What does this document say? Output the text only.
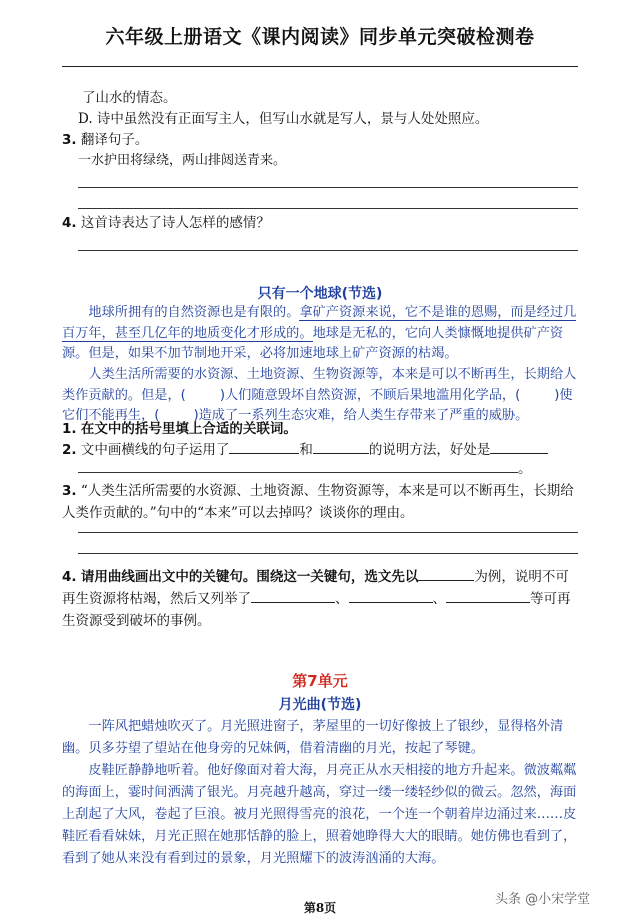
六年级上册语文《课内阅读》同步单元突破检测卷
了山水的情态。
D. 诗中虽然没有正面写主人，但写山水就是写人，景与人处处照应。
3. 翻译句子。
一水护田将绿绕，两山排闼送青来。
4. 这首诗表达了诗人怎样的感情？
只有一个地球(节选)
地球所拥有的自然资源也是有限的。拿矿产资源来说，它不是谁的恩赐，而是经过几百万年，甚至几亿年的地质变化才形成的。地球是无私的，它向人类慷慨地提供矿产资源。但是，如果不加节制地开采，必将加速地球上矿产资源的枯竭。
人类生活所需要的水资源、土地资源、生物资源等，本来是可以不断再生，长期给人类作贡献的。但是，(	)人们随意毁坏自然资源，不顾后果地滥用化学品，(	)使它们不能再生，(	)造成了一系列生态灾难，给人类生存带来了严重的威胁。
1. 在文中的括号里填上合适的关联词。
2. 文中画横线的句子运用了	和	的说明方法，好处是
。
3. “人类生活所需要的水资源、土地资源、生物资源等，本来是可以不断再生，长期给人类作贡献的。”句中的“本来”可以去掉吗？谈谈你的理由。
4. 请用曲线画出文中的关键句。围绕这一关键句，选文先以	为例，说明不可再生资源将枯竭，然后又列举了	、	、	等可再生资源受到破坏的事例。
第7单元
月光曲(节选)
一阵风把蜡烛吹灭了。月光照进窗子，茅屋里的一切好像披上了银纱，显得格外清幽。贝多芬望了望站在他身旁的兄妹俩，借着清幽的月光，按起了琴键。
皮鞋匠静静地听着。他好像面对着大海，月亮正从水天相接的地方升起来。微波粼粼的海面上，霎时间洒满了银光。月亮越升越高，穿过一缕一缕轻纱似的微云。忽然，海面上刮起了大风，卷起了巨浪。被月光照得雪亮的浪花，一个连一个朝着岸边涌过来……皮鞋匠看看妹妹，月光正照在她那恬静的脸上，照着她睁得大大的眼睛。她仿佛也看到了，看到了她从来没有看到过的景象，月光照耀下的波涛汹涌的大海。
第8页
头条 @小宋学堂
